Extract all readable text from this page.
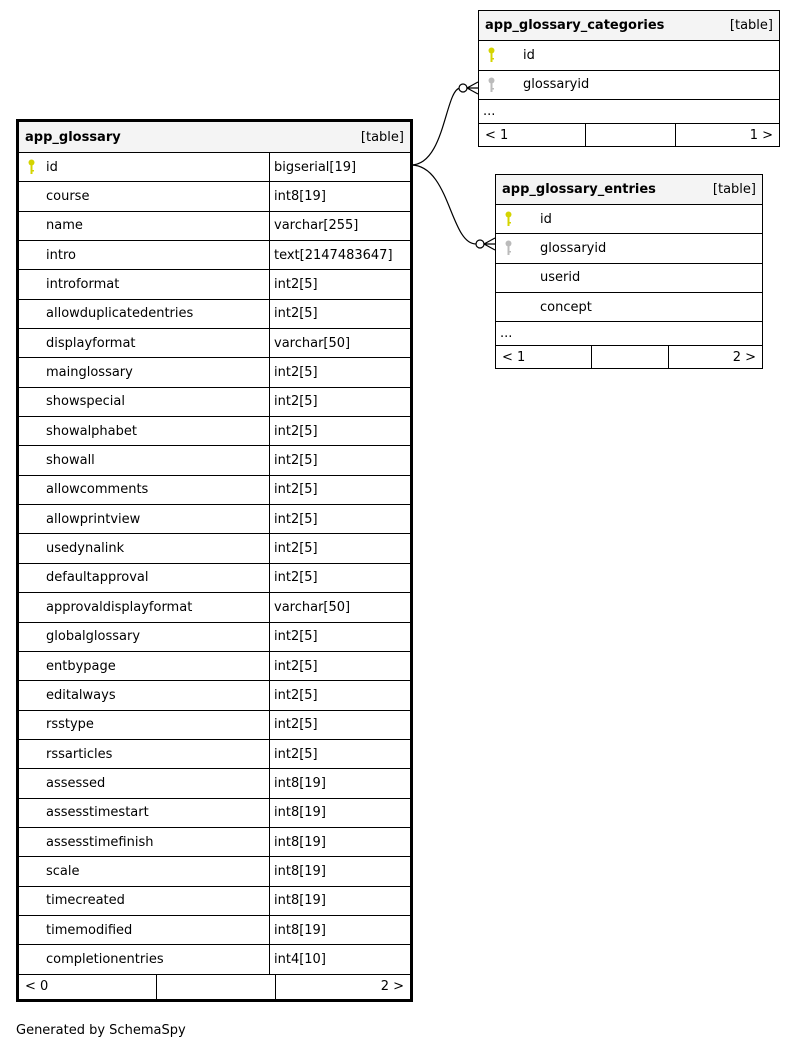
app_glossary	[table]
id	bigserial[19]
course	int8[19]
name	varchar[255]
intro	text[2147483647]
introformat	int2[5]
allowduplicatedentries	int2[5]
displayformat	varchar[50]
mainglossary	int2[5]
showspecial	int2[5]
showalphabet	int2[5]
showall	int2[5]
allowcomments	int2[5]
allowprintview	int2[5]
usedynalink	int2[5]
defaultapproval	int2[5]
approvaldisplayformat	varchar[50]
globalglossary	int2[5]
entbypage	int2[5]
editalways	int2[5]
rsstype	int2[5]
rssarticles	int2[5]
assessed	int8[19]
assesstimestart	int8[19]
assesstimefinish	int8[19]
scale	int8[19]
timecreated	int8[19]
timemodified	int8[19]
completionentries	int4[10]
< 0	2 >
app_glossary_categories	[table]
id
glossaryid
...
< 1	1 >
app_glossary_entries	[table]
id
glossaryid
userid
concept
...
< 1	2 >
Generated by SchemaSpy
